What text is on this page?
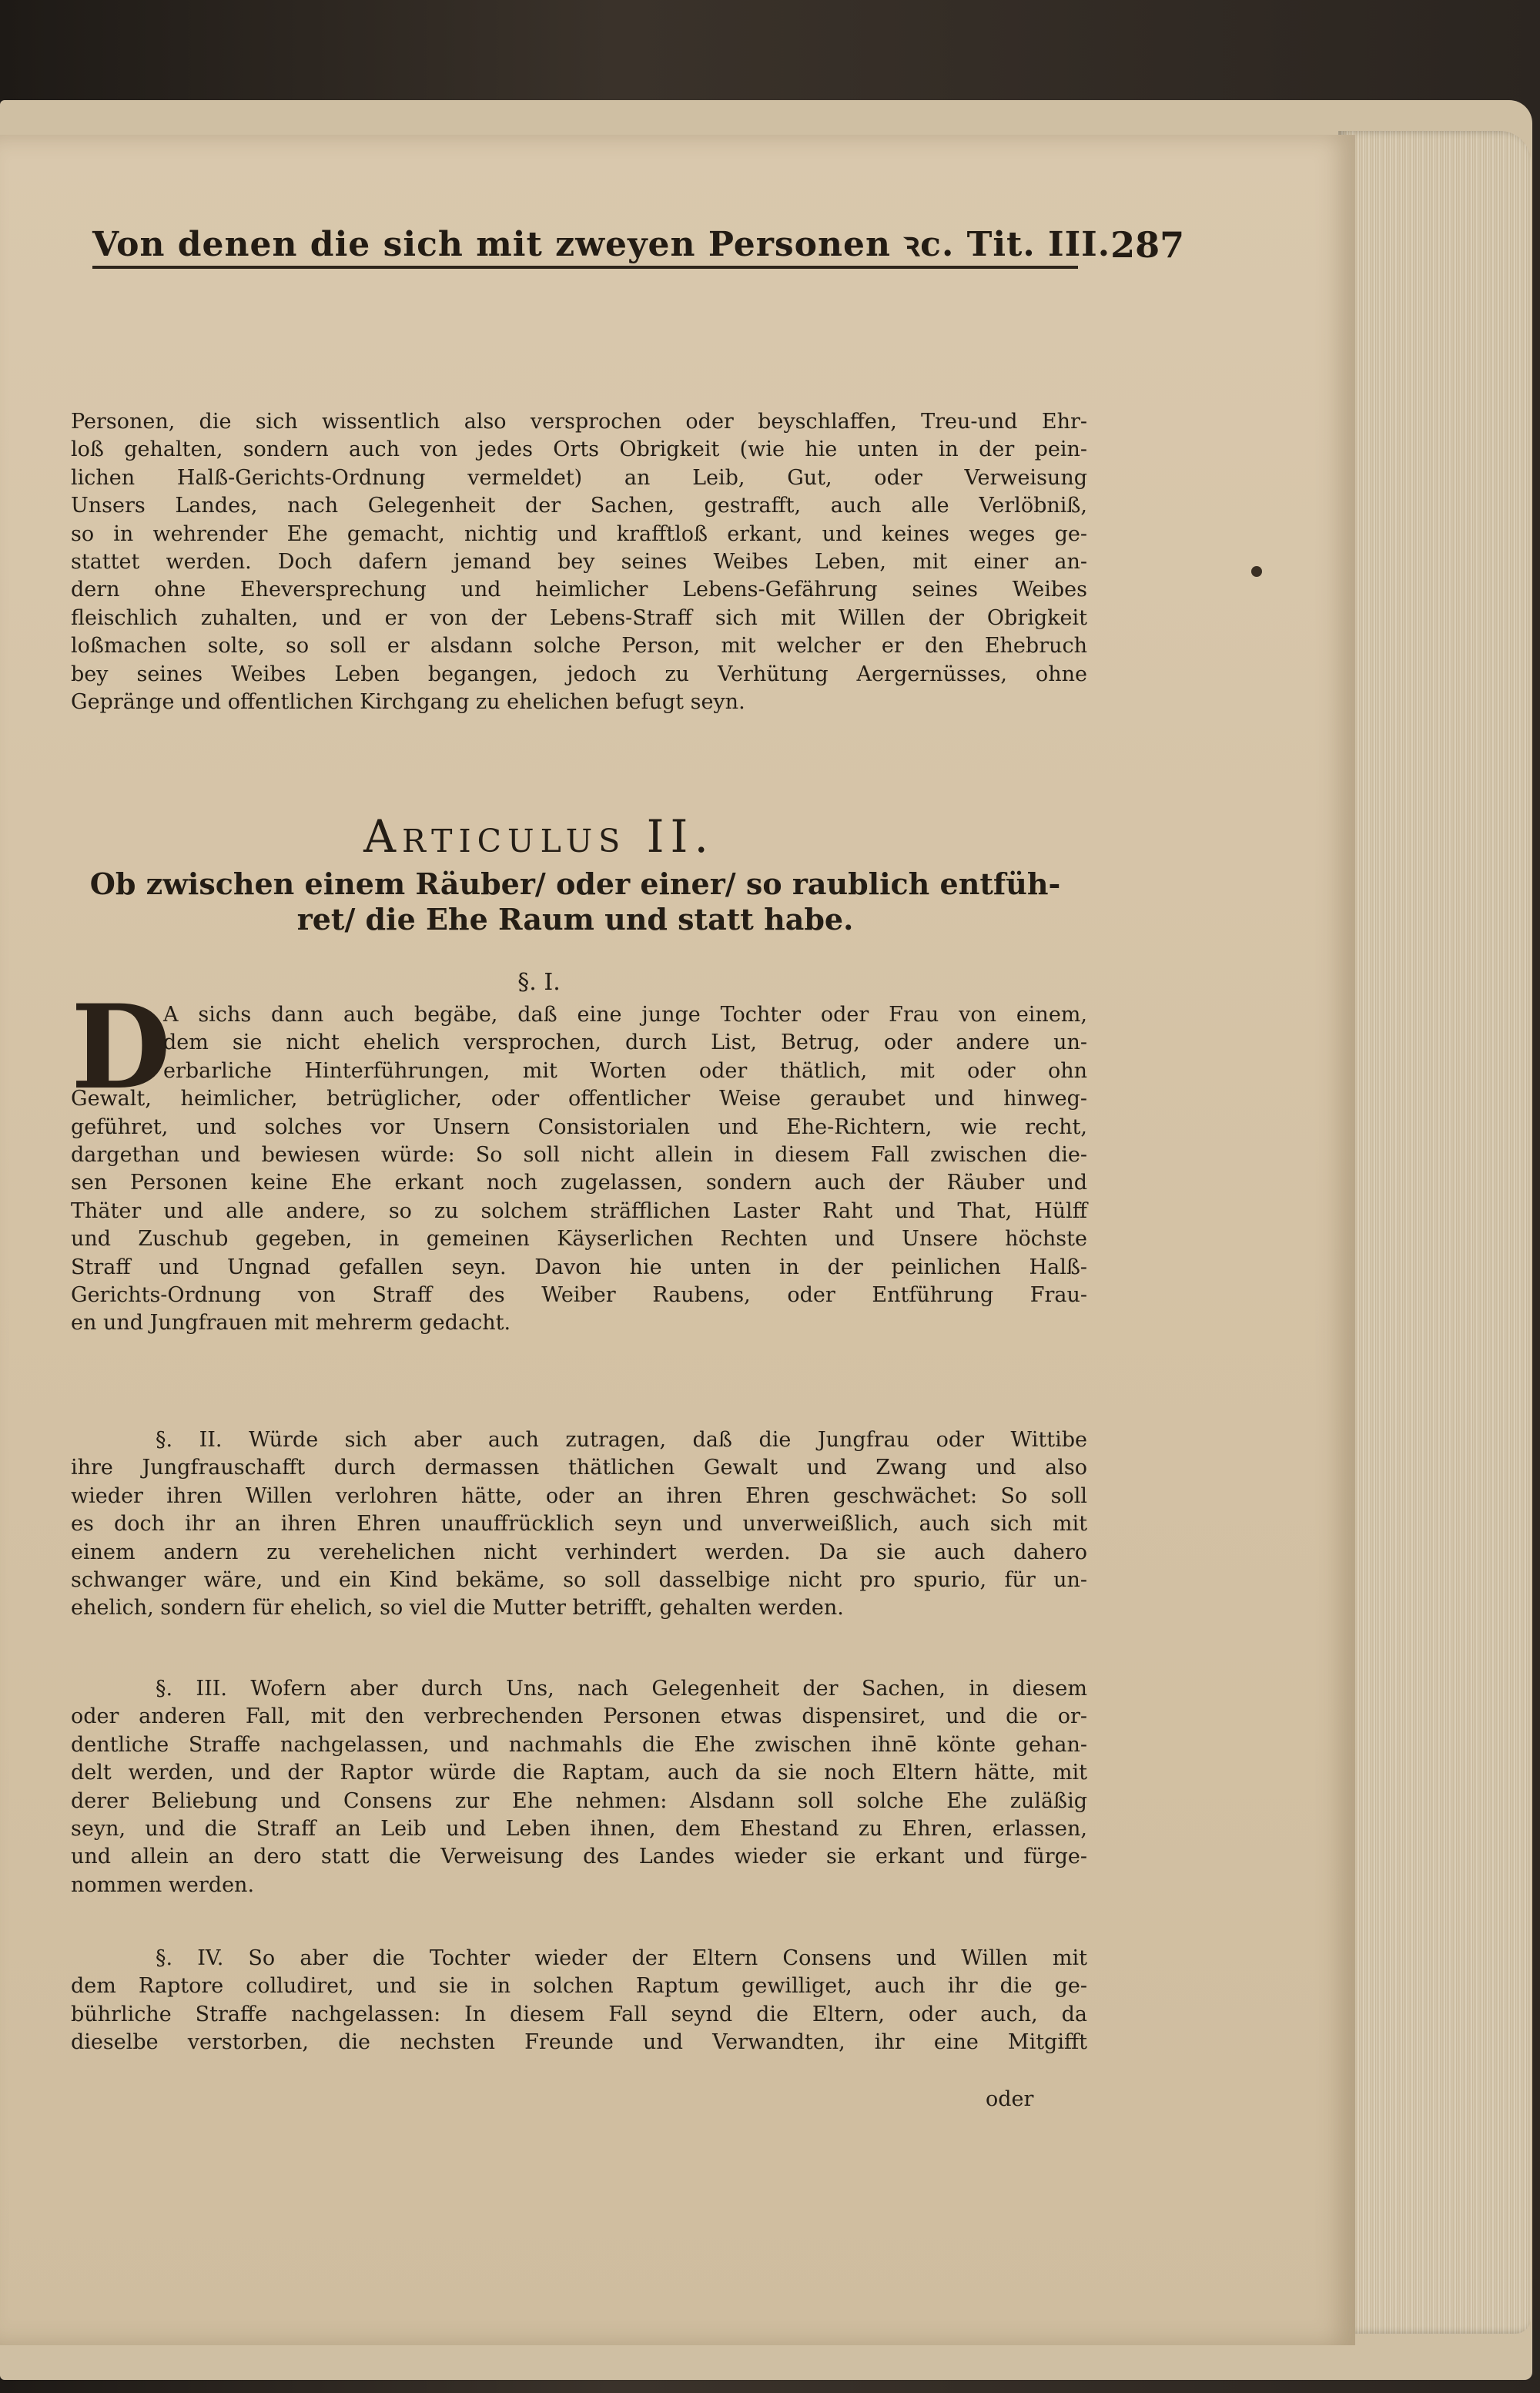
Von denen die sich mit zweyen Personen ꝛc. Tit. III. 287

Personen, die sich wissentlich also versprochen oder beyschlaffen, Treu-und Ehr-

loß gehalten, sondern auch von jedes Orts Obrigkeit (wie hie unten in der pein-

lichen Halß-Gerichts-Ordnung vermeldet) an Leib, Gut, oder Verweisung

Unsers Landes, nach Gelegenheit der Sachen, gestrafft, auch alle Verlöbniß,

so in wehrender Ehe gemacht, nichtig und krafftloß erkant, und keines weges ge-

stattet werden. Doch dafern jemand bey seines Weibes Leben, mit einer an-

dern ohne Eheversprechung und heimlicher Lebens-Gefährung seines Weibes

fleischlich zuhalten, und er von der Lebens-Straff sich mit Willen der Obrigkeit

loßmachen solte, so soll er alsdann solche Person, mit welcher er den Ehebruch

bey seines Weibes Leben begangen, jedoch zu Verhütung Aergernüsses, ohne

Gepränge und offentlichen Kirchgang zu ehelichen befugt seyn.

Articulus II.
Ob zwischen einem Räuber/ oder einer/ so raublich entfüh-
ret/ die Ehe Raum und statt habe.
§. I.
D

A sichs dann auch begäbe, daß eine junge Tochter oder Frau von einem,

dem sie nicht ehelich versprochen, durch List, Betrug, oder andere un-

erbarliche Hinterführungen, mit Worten oder thätlich, mit oder ohn

Gewalt, heimlicher, betrüglicher, oder offentlicher Weise geraubet und hinweg-

geführet, und solches vor Unsern Consistorialen und Ehe-Richtern, wie recht,

dargethan und bewiesen würde: So soll nicht allein in diesem Fall zwischen die-

sen Personen keine Ehe erkant noch zugelassen, sondern auch der Räuber und

Thäter und alle andere, so zu solchem sträfflichen Laster Raht und That, Hülff

und Zuschub gegeben, in gemeinen Käyserlichen Rechten und Unsere höchste

Straff und Ungnad gefallen seyn. Davon hie unten in der peinlichen Halß-

Gerichts-Ordnung von Straff des Weiber Raubens, oder Entführung Frau-

en und Jungfrauen mit mehrerm gedacht.

§. II. Würde sich aber auch zutragen, daß die Jungfrau oder Wittibe

ihre Jungfrauschafft durch dermassen thätlichen Gewalt und Zwang und also

wieder ihren Willen verlohren hätte, oder an ihren Ehren geschwächet: So soll

es doch ihr an ihren Ehren unauffrücklich seyn und unverweißlich, auch sich mit

einem andern zu verehelichen nicht verhindert werden. Da sie auch dahero

schwanger wäre, und ein Kind bekäme, so soll dasselbige nicht pro spurio, für un-

ehelich, sondern für ehelich, so viel die Mutter betrifft, gehalten werden.

§. III. Wofern aber durch Uns, nach Gelegenheit der Sachen, in diesem

oder anderen Fall, mit den verbrechenden Personen etwas dispensiret, und die or-

dentliche Straffe nachgelassen, und nachmahls die Ehe zwischen ihnē könte gehan-

delt werden, und der Raptor würde die Raptam, auch da sie noch Eltern hätte, mit

derer Beliebung und Consens zur Ehe nehmen: Alsdann soll solche Ehe zuläßig

seyn, und die Straff an Leib und Leben ihnen, dem Ehestand zu Ehren, erlassen,

und allein an dero statt die Verweisung des Landes wieder sie erkant und fürge-

nommen werden.

§. IV. So aber die Tochter wieder der Eltern Consens und Willen mit

dem Raptore colludiret, und sie in solchen Raptum gewilliget, auch ihr die ge-

bührliche Straffe nachgelassen: In diesem Fall seynd die Eltern, oder auch, da

dieselbe verstorben, die nechsten Freunde und Verwandten, ihr eine Mitgifft

oder
